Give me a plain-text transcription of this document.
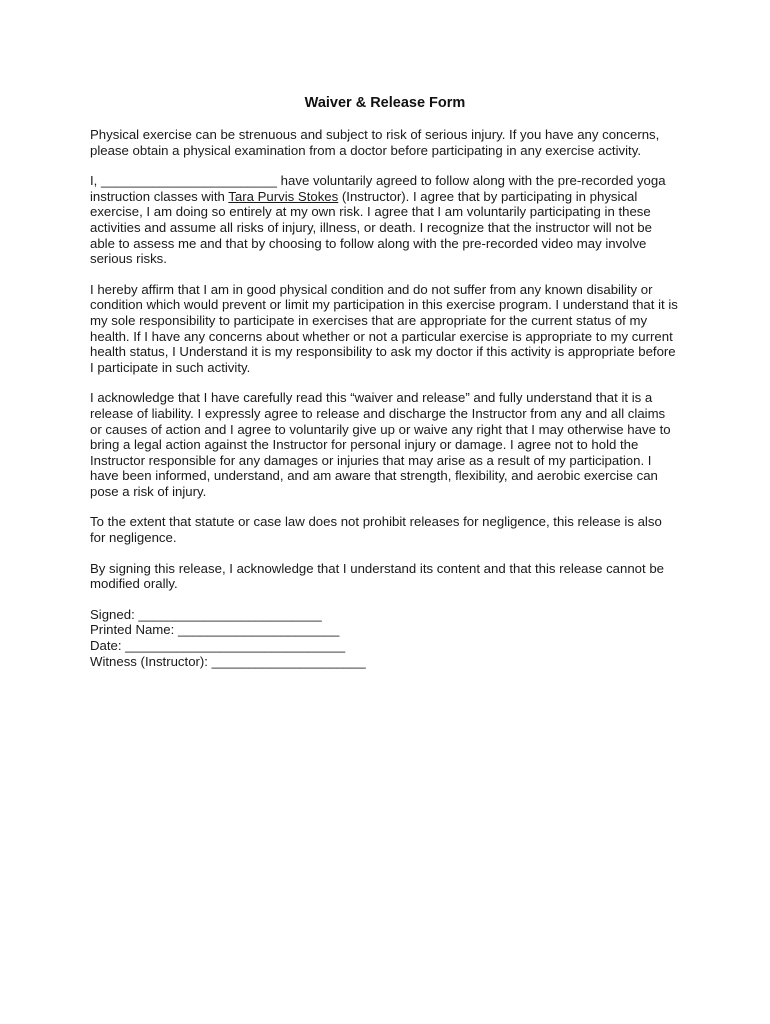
Waiver & Release Form

Physical exercise can be strenuous and subject to risk of serious injury. If you have any concerns, please obtain a physical examination from a doctor before participating in any exercise activity.

I, ________________________ have voluntarily agreed to follow along with the pre-recorded yoga instruction classes with Tara Purvis Stokes (Instructor). I agree that by participating in physical exercise, I am doing so entirely at my own risk. I agree that I am voluntarily participating in these activities and assume all risks of injury, illness, or death. I recognize that the instructor will not be able to assess me and that by choosing to follow along with the pre-recorded video may involve serious risks.

I hereby affirm that I am in good physical condition and do not suffer from any known disability or condition which would prevent or limit my participation in this exercise program. I understand that it is my sole responsibility to participate in exercises that are appropriate for the current status of my health. If I have any concerns about whether or not a particular exercise is appropriate to my current health status, I Understand it is my responsibility to ask my doctor if this activity is appropriate before I participate in such activity.

I acknowledge that I have carefully read this “waiver and release” and fully understand that it is a release of liability. I expressly agree to release and discharge the Instructor from any and all claims or causes of action and I agree to voluntarily give up or waive any right that I may otherwise have to bring a legal action against the Instructor for personal injury or damage. I agree not to hold the Instructor responsible for any damages or injuries that may arise as a result of my participation. I have been informed, understand, and am aware that strength, flexibility, and aerobic exercise can pose a risk of injury.

To the extent that statute or case law does not prohibit releases for negligence, this release is also for negligence.

By signing this release, I acknowledge that I understand its content and that this release cannot be modified orally.

Signed: _________________________
Printed Name: ______________________
Date: ______________________________
Witness (Instructor): _____________________
